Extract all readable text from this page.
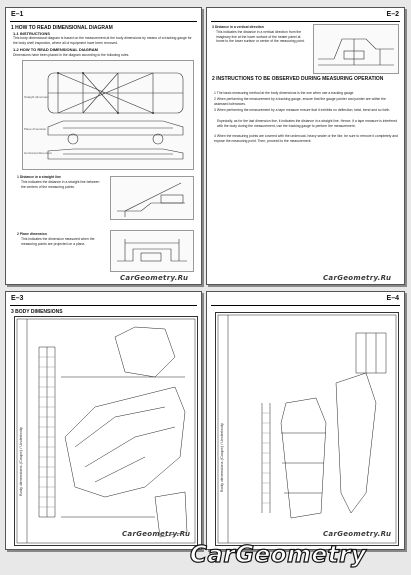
E–1
1 HOW TO READ DIMENSIONAL DIAGRAM
1-1 INSTRUCTIONS
This body dimensional diagram is based on the measurement at the body dimensions by means of a tracking gauge for the body shell inspection, where all of equipment have been removed.
1-2 HOW TO READ DIMENSIONAL DIAGRAM
Dimensions have been placed in the diagram according to the following rules.
Straight dimension
Plane dimension
Horizontal dimension
1 Distance in a straight line
This indicates the distance in a straight line between the centers of the measuring points.
2 Plane dimension
This indicates the dimension measured when the measuring points are projected on a plane.
CarGeometry.Ru
E–2
3 Distance in a vertical direction
This indicates the distance in a vertical direction from the imaginary line at the lower surface of the heater panel at home to the lower surface or center of the measuring point.
2 INSTRUCTIONS TO BE OBSERVED DURING MEASURING OPERATION
1 The basic measuring method at the body dimensions is the one when use a tracking gauge.
2 When performing the measurement by a tracking gauge, ensure that the gauge pointer and pointer are within the assessed tolerances.
3 When performing the measurement by a tape measure ensure that it exhibits no deflection, twist, bend and so forth.
Especially, as for the last dimension line, it indicates the distance in a straight line. Hence, if a tape measure is interfered with the body during the measurement, use the tracking gauge to perform the measurement.
4 When the measuring points are covered with the undercoat, heavy sealer or the like, be sure to remove it completely and expose the measuring point. Then, proceed to the measurement.
CarGeometry.Ru
E–3
3 BODY DIMENSIONS
Body dimensions (Coupe) / Underbody
CarGeometry.Ru
E–4
Body dimensions (Coupe) / Underbody
CarGeometry.Ru
CarGeometry
